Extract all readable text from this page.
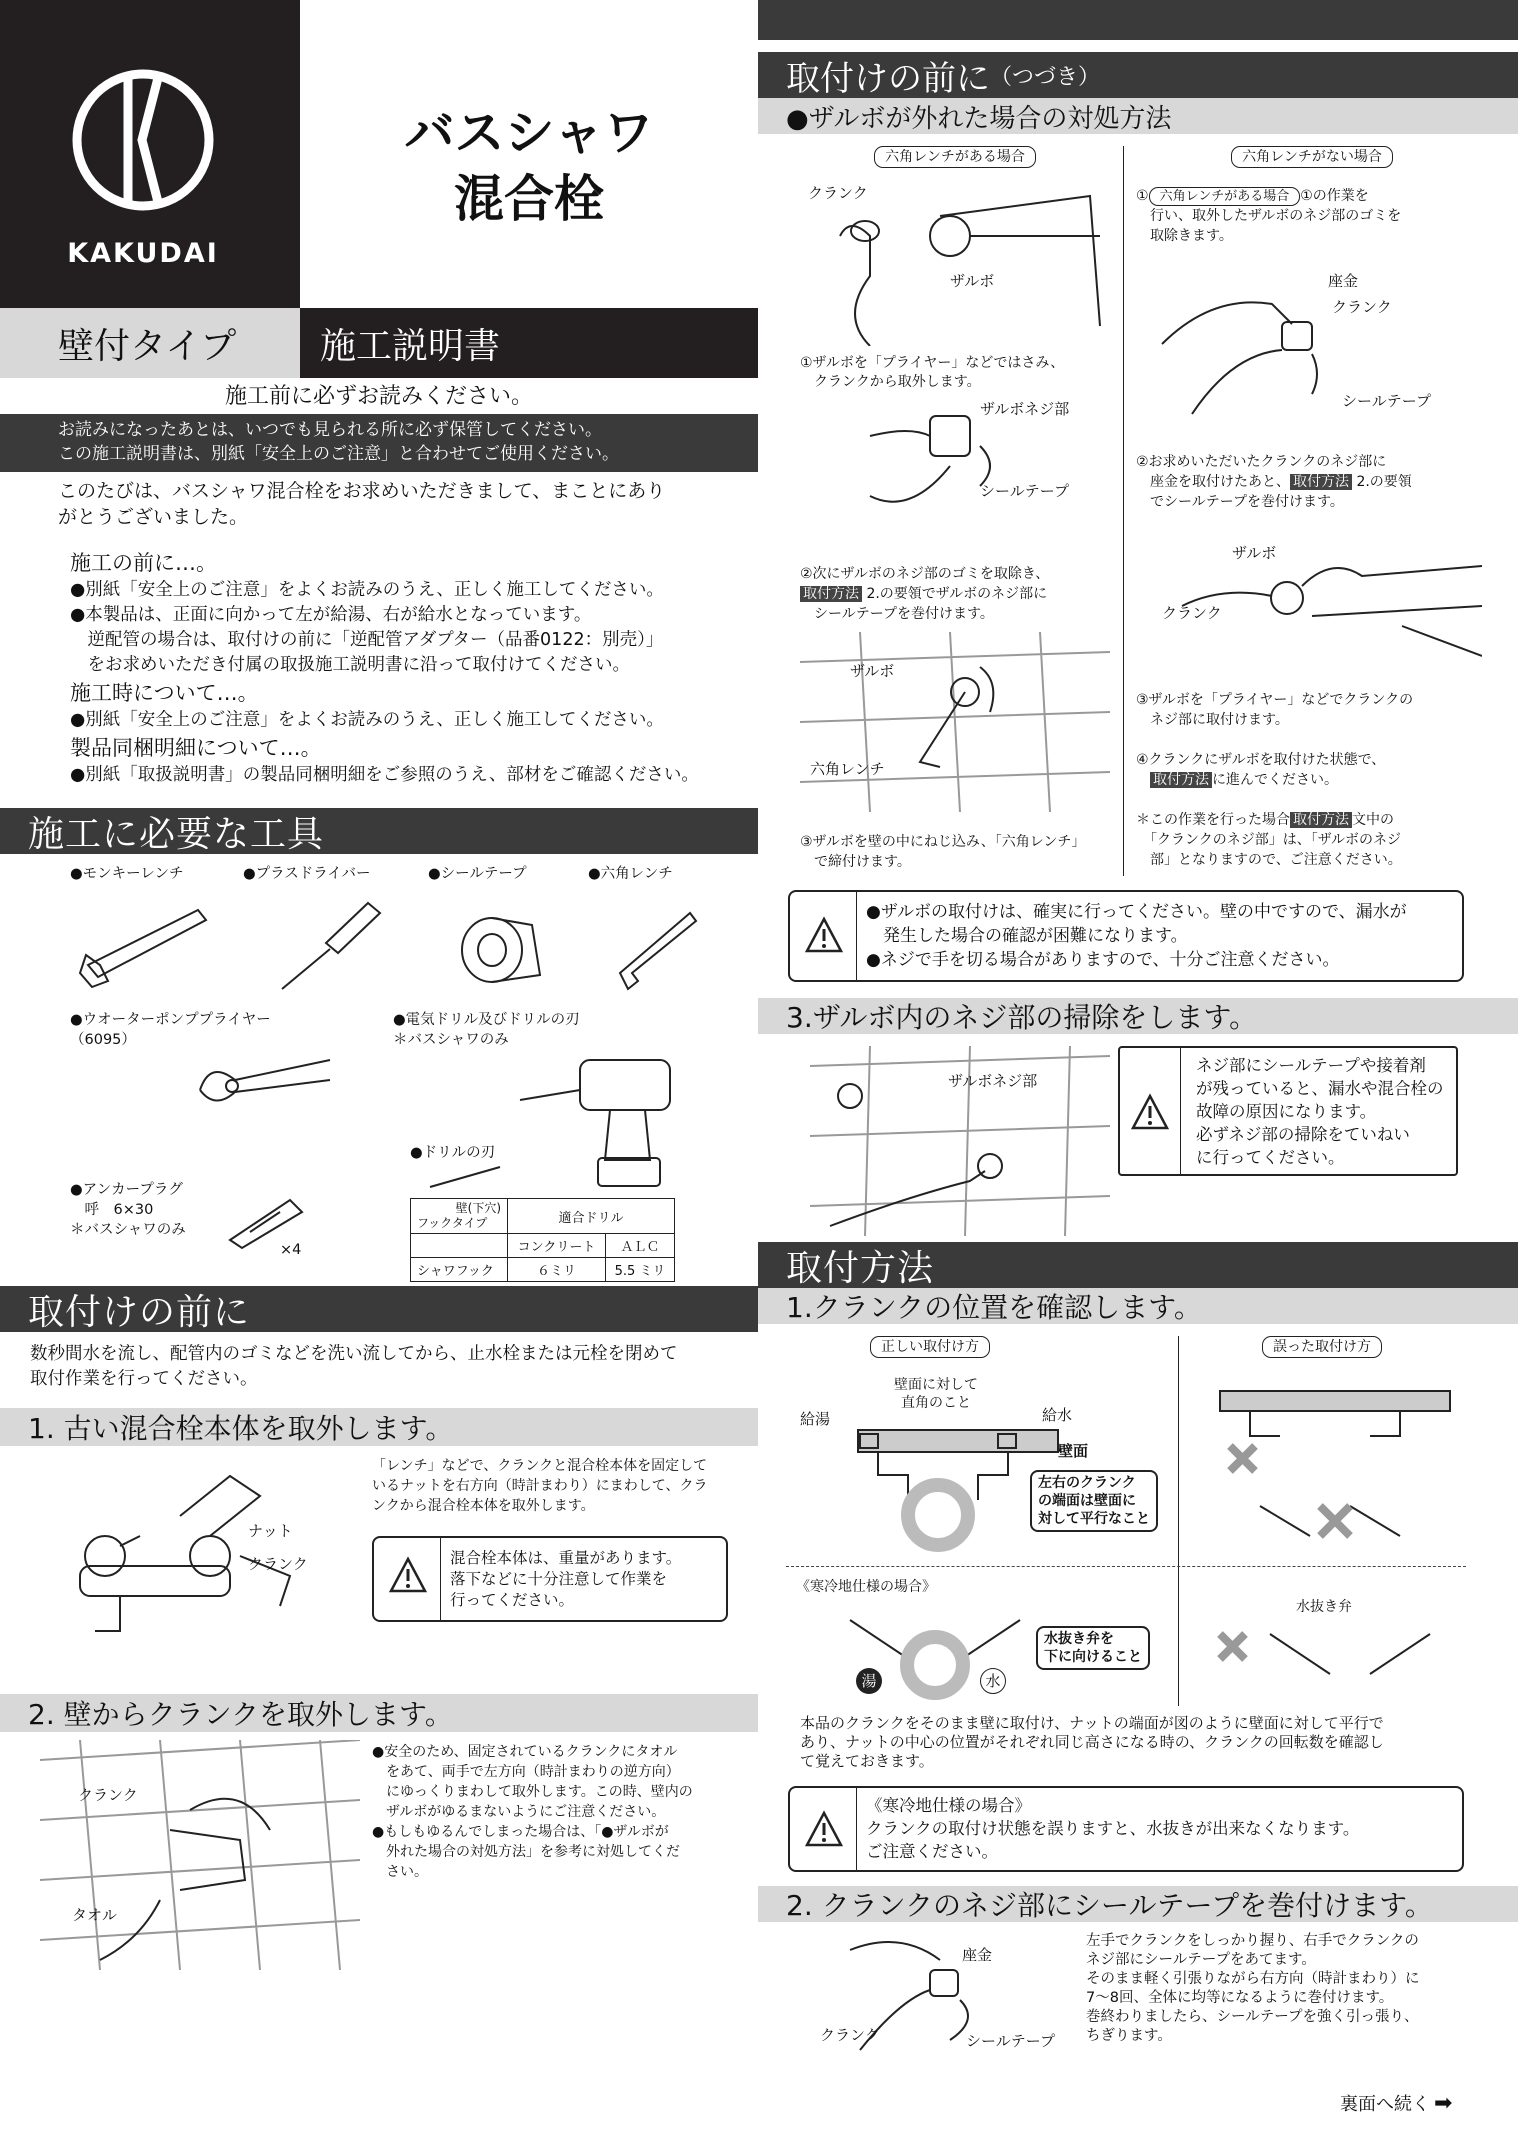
KAKUDAI
バスシャワ
混合栓
壁付タイプ	施工説明書
施工前に必ずお読みください。
お読みになったあとは、いつでも見られる所に必ず保管してください。
この施工説明書は、別紙「安全上のご注意」と合わせてご使用ください。
このたびは、バスシャワ混合栓をお求めいただきまして、まことにあり
がとうございました。
施工の前に…。
●別紙「安全上のご注意」をよくお読みのうえ、正しく施工してください。
●本製品は、正面に向かって左が給湯、右が給水となっています。
　逆配管の場合は、取付けの前に「逆配管アダプター（品番0122：別売）」
　をお求めいただき付属の取扱施工説明書に沿って取付けてください。
施工時について…。
●別紙「安全上のご注意」をよくお読みのうえ、正しく施工してください。
製品同梱明細について…。
●別紙「取扱説明書」の製品同梱明細をご参照のうえ、部材をご確認ください。
施工に必要な工具
●モンキーレンチ	●プラスドライバー	●シールテープ	●六角レンチ
●ウオーターポンププライヤー
（6095）
●電気ドリル及びドリルの刃
＊バスシャワのみ
●ドリルの刃
壁(下穴)
フックタイプ	適合ドリル	
	コンクリート	ＡＬＣ
シャワフック	６ミリ	5.5 ミリ
●アンカープラグ
　呼　6×30
＊バスシャワのみ
×4
取付けの前に
数秒間水を流し、配管内のゴミなどを洗い流してから、止水栓または元栓を閉めて
取付作業を行ってください。
1. 古い混合栓本体を取外します。
ナット
クランク
「レンチ」などで、クランクと混合栓本体を固定して
いるナットを右方向（時計まわり）にまわして、クラ
ンクから混合栓本体を取外します。
混合栓本体は、重量があります。
落下などに十分注意して作業を
行ってください。
2. 壁からクランクを取外します。
クランク
タオル
●安全のため、固定されているクランクにタオル
　をあて、両手で左方向（時計まわりの逆方向）
　にゆっくりまわして取外します。この時、壁内の
　ザルボがゆるまないようにご注意ください。
●もしもゆるんでしまった場合は、「●ザルボが
　外れた場合の対処方法」を参考に対処してくだ
　さい。
取付けの前に （つづき）
●ザルボが外れた場合の対処方法
六角レンチがある場合
クランク
ザルボ
①ザルボを「プライヤー」などではさみ、
　クランクから取外します。
ザルボネジ部
シールテープ
②次にザルボのネジ部のゴミを取除き、
取付方法 2.の要領でザルボのネジ部に
　シールテープを巻付けます。
ザルボ
六角レンチ
③ザルボを壁の中にねじ込み、「六角レンチ」
　で締付けます。
六角レンチがない場合
① 六角レンチがある場合 ①の作業を
　行い、取外したザルボのネジ部のゴミを
　取除きます。
座金
クランク
シールテープ
②お求めいただいたクランクのネジ部に
　座金を取付けたあと、 取付方法 2.の要領
　でシールテープを巻付けます。
ザルボ
クランク
③ザルボを「プライヤー」などでクランクの
　ネジ部に取付けます。
④クランクにザルボを取付けた状態で、
　取付方法 に進んでください。
＊この作業を行った場合 取付方法 文中の
　「クランクのネジ部」は、「ザルボのネジ
　部」となりますので、ご注意ください。
●ザルボの取付けは、確実に行ってください。壁の中ですので、漏水が
　発生した場合の確認が困難になります。
●ネジで手を切る場合がありますので、十分ご注意ください。
3.ザルボ内のネジ部の掃除をします。
ザルボネジ部
ネジ部にシールテープや接着剤
が残っていると、漏水や混合栓の
故障の原因になります。
必ずネジ部の掃除をていねい
に行ってください。
取付方法
1.クランクの位置を確認します。
正しい取付け方	誤った取付け方
壁面に対して
直角のこと
給湯	給水
壁面
左右のクランク
の端面は壁面に
対して平行なこと
《寒冷地仕様の場合》
湯	水
水抜き弁を
下に向けること
水抜き弁
本品のクランクをそのまま壁に取付け、ナットの端面が図のように壁面に対して平行で
あり、ナットの中心の位置がそれぞれ同じ高さになる時の、クランクの回転数を確認し
て覚えておきます。
《寒冷地仕様の場合》
クランクの取付け状態を誤りますと、水抜きが出来なくなります。
ご注意ください。
2. クランクのネジ部にシールテープを巻付けます。
座金
クランク	シールテープ
左手でクランクをしっかり握り、右手でクランクの
ネジ部にシールテープをあてます。
そのまま軽く引張りながら右方向（時計まわり）に
7〜8回、全体に均等になるように巻付けます。
巻終わりましたら、シールテープを強く引っ張り、
ちぎります。
裏面へ続く ➡
